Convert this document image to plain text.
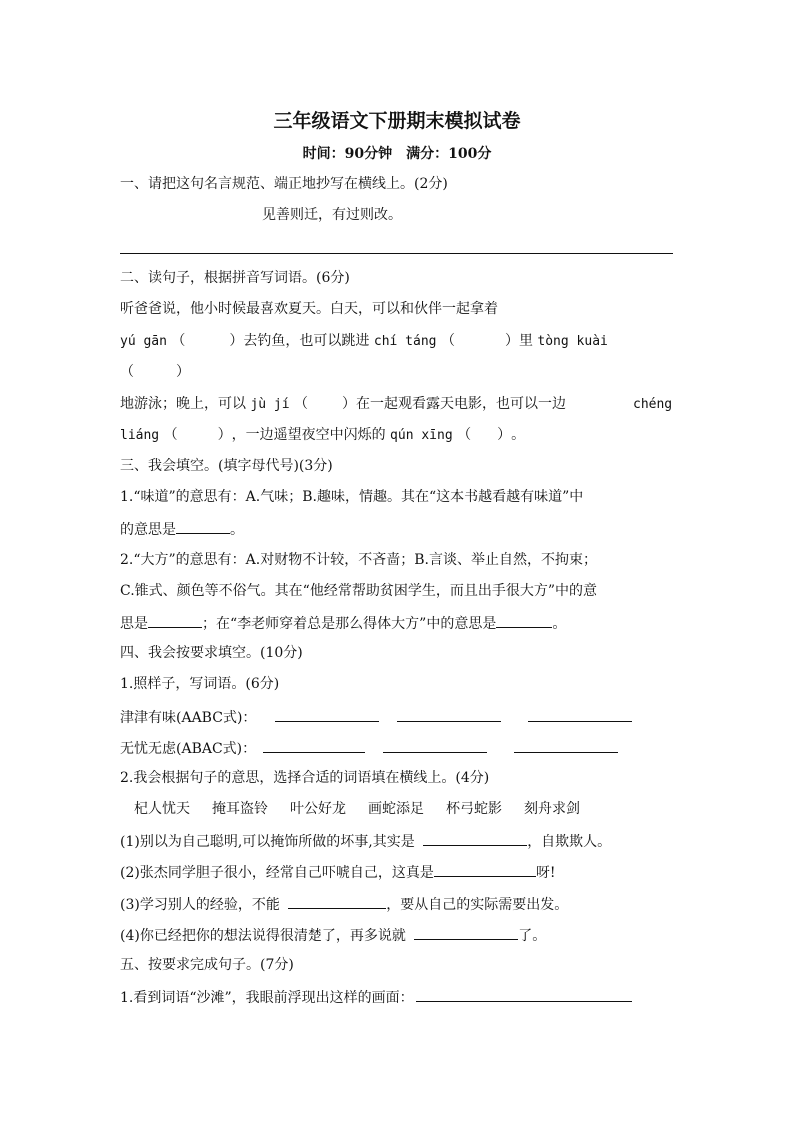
三年级语文下册期末模拟试卷
时间：90分钟　满分：100分
一、请把这句名言规范、端正地抄写在横线上。(2分)
见善则迁，有过则改。
二、读句子，根据拼音写词语。(6分)
听爸爸说，他小时候最喜欢夏天。白天，可以和伙伴一起拿着
yú gān （	）去钓鱼，也可以跳进 chí táng （	）里 tòng kuài
（	）
地游泳；晚上，可以 jù jí （ ）在一起观看露天电影，也可以一边	chéng
liáng （	），一边遥望夜空中闪烁的 qún xīng （ ）。
三、我会填空。(填字母代号)(3分)
1.“味道”的意思有：A.气味；B.趣味，情趣。其在“这本书越看越有味道”中
的意思是	。
2.“大方”的意思有：A.对财物不计较，不吝啬；B.言谈、举止自然，不拘束；
C.锥式、颜色等不俗气。其在“他经常帮助贫困学生，而且出手很大方”中的意
思是	；在“李老师穿着总是那么得体大方”中的意思是	。
四、我会按要求填空。(10分)
1.照样子，写词语。(6分)
津津有味(AABC式)：
无忧无虑(ABAC式)：
2.我会根据句子的意思，选择合适的词语填在横线上。(4分)
杞人忧天 掩耳盗铃 叶公好龙 画蛇添足 杯弓蛇影 刻舟求剑
(1)别以为自己聪明,可以掩饰所做的坏事,其实是	，自欺欺人。
(2)张杰同学胆子很小，经常自己吓唬自己，这真是	呀!
(3)学习别人的经验，不能	，要从自己的实际需要出发。
(4)你已经把你的想法说得很清楚了，再多说就	了。
五、按要求完成句子。(7分)
1.看到词语“沙滩”，我眼前浮现出这样的画面：
